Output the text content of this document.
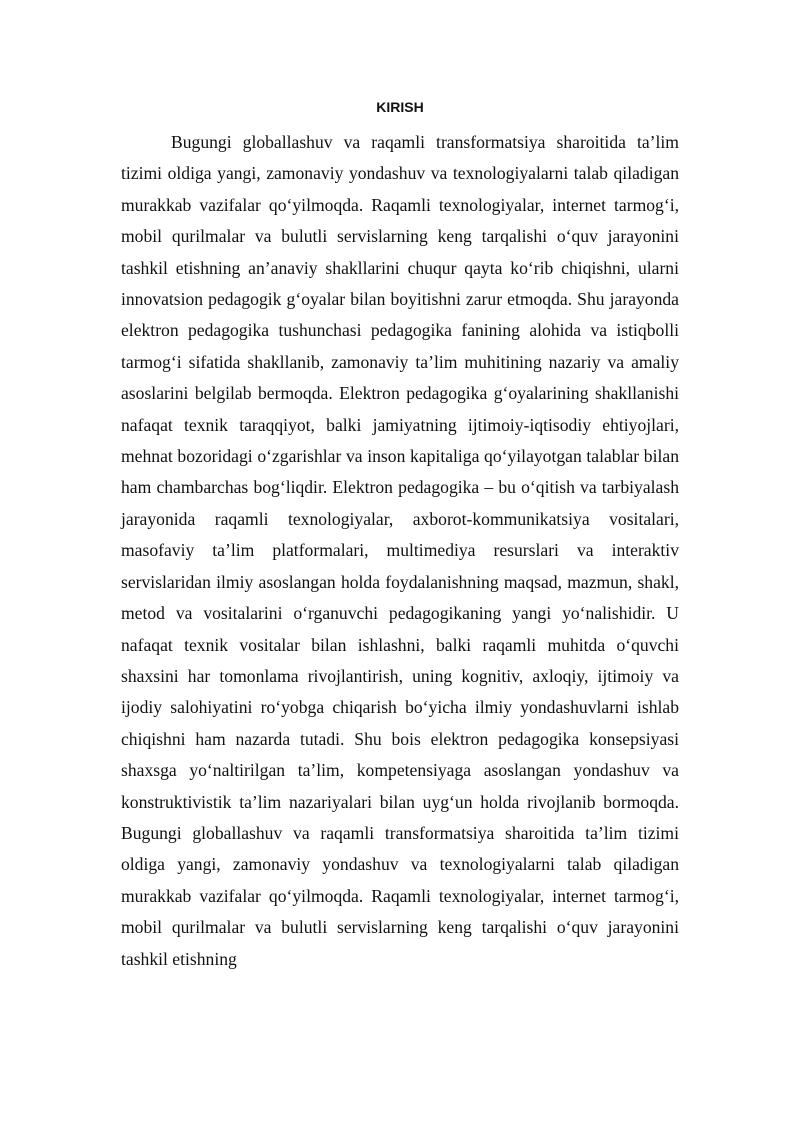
KIRISH

Bugungi globallashuv va raqamli transformatsiya sharoitida ta’lim tizimi oldiga yangi, zamonaviy yondashuv va texnologiyalarni talab qiladigan murakkab vazifalar qo‘yilmoqda. Raqamli texnologiyalar, internet tarmog‘i, mobil qurilmalar va bulutli servislarning keng tarqalishi o‘quv jarayonini tashkil etishning an’anaviy shakllarini chuqur qayta ko‘rib chiqishni, ularni innovatsion pedagogik g‘oyalar bilan boyitishni zarur etmoqda. Shu jarayonda elektron pedagogika tushunchasi pedagogika fanining alohida va istiqbolli tarmog‘i sifatida shakllanib, zamonaviy ta’lim muhitining nazariy va amaliy asoslarini belgilab bermoqda. Elektron pedagogika g‘oyalarining shakllanishi nafaqat texnik taraqqiyot, balki jamiyatning ijtimoiy-iqtisodiy ehtiyojlari, mehnat bozoridagi o‘zgarishlar va inson kapitaliga qo‘yilayotgan talablar bilan ham chambarchas bog‘liqdir. Elektron pedagogika – bu o‘qitish va tarbiyalash jarayonida raqamli texnologiyalar, axborot-kommunikatsiya vositalari, masofaviy ta’lim platformalari, multimediya resurslari va interaktiv servislaridan ilmiy asoslangan holda foydalanishning maqsad, mazmun, shakl, metod va vositalarini o‘rganuvchi pedagogikaning yangi yo‘nalishidir. U nafaqat texnik vositalar bilan ishlashni, balki raqamli muhitda o‘quvchi shaxsini har tomonlama rivojlantirish, uning kognitiv, axloqiy, ijtimoiy va ijodiy salohiyatini ro‘yobga chiqarish bo‘yicha ilmiy yondashuvlarni ishlab chiqishni ham nazarda tutadi. Shu bois elektron pedagogika konsepsiyasi shaxsga yo‘naltirilgan ta’lim, kompetensiyaga asoslangan yondashuv va konstruktivistik ta’lim nazariyalari bilan uyg‘un holda rivojlanib bormoqda. Bugungi globallashuv va raqamli transformatsiya sharoitida ta’lim tizimi oldiga yangi, zamonaviy yondashuv va texnologiyalarni talab qiladigan murakkab vazifalar qo‘yilmoqda. Raqamli texnologiyalar, internet tarmog‘i, mobil qurilmalar va bulutli servislarning keng tarqalishi o‘quv jarayonini tashkil etishning
